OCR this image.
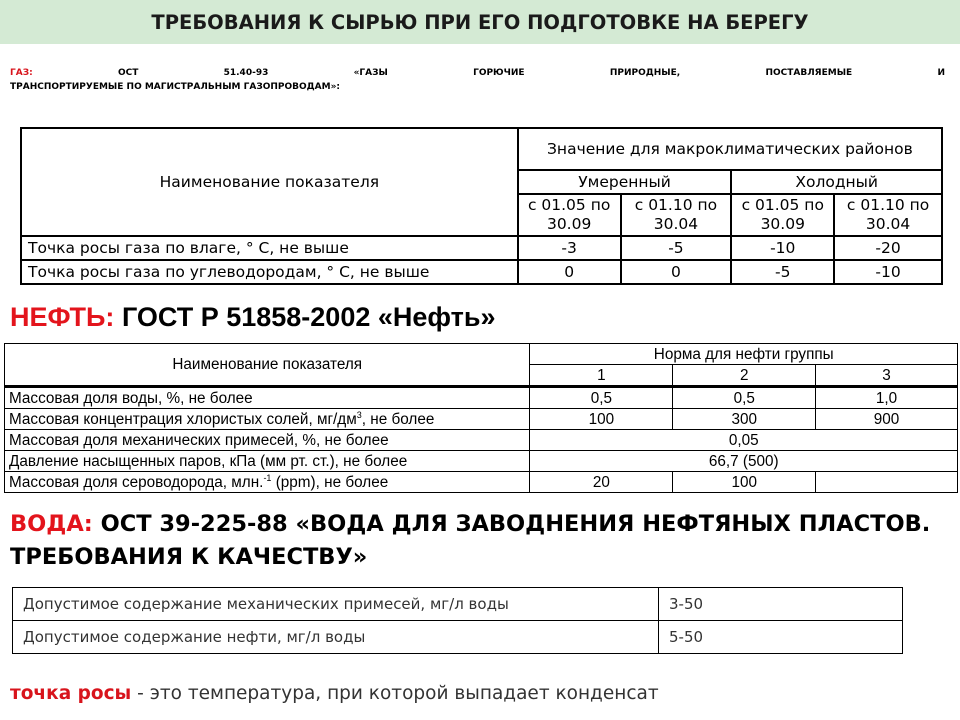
ТРЕБОВАНИЯ К СЫРЬЮ ПРИ ЕГО ПОДГОТОВКЕ НА БЕРЕГУ
ГАЗ:	ОСТ	51.40-93	«ГАЗЫ	ГОРЮЧИЕ	ПРИРОДНЫЕ,	ПОСТАВЛЯЕМЫЕ	И
ТРАНСПОРТИРУЕМЫЕ ПО МАГИСТРАЛЬНЫМ ГАЗОПРОВОДАМ»:
Наименование показателя	Значение для макроклиматических районов			
	Умеренный		Холодный	
	с 01.05 по 30.09	с 01.10 по 30.04	с 01.05 по 30.09	с 01.10 по 30.04
Точка росы газа по влаге, ° С, не выше	-3	-5	-10	-20
Точка росы газа по углеводородам, ° С, не выше	0	0	-5	-10
НЕФТЬ: ГОСТ Р 51858-2002 «Нефть»
Наименование показателя	Норма для нефти группы		
	1	2	3
Массовая доля воды, %, не более	0,5	0,5	1,0
Массовая концентрация хлористых солей, $мг/дм^3$, не более	100	300	900
Массовая доля механических примесей, %, не более	0,05		
Давление насыщенных паров, кПа (мм рт. ст.), не более	66,7 (500)		
Массовая доля сероводорода, млн.$^{-1}$ (ppm), не более	20	100	
ВОДА: ОСТ 39-225-88 «ВОДА ДЛЯ ЗАВОДНЕНИЯ НЕФТЯНЫХ ПЛАСТОВ. ТРЕБОВАНИЯ К КАЧЕСТВУ»
Допустимое содержание механических примесей, мг/л воды	3-50
Допустимое содержание нефти, мг/л воды	5-50
точка росы - это температура, при которой выпадает конденсат
